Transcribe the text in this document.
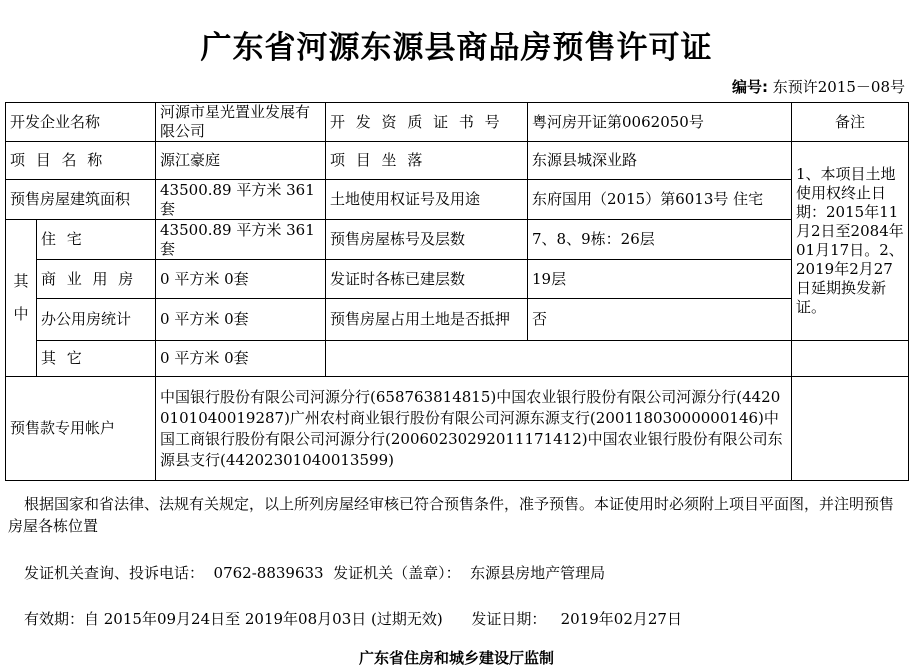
广东省河源东源县商品房预售许可证
编号: 东预许2015－08号
开发企业名称		河源市星光置业发展有限公司	开 发 资 质 证 书 号	粤河房开证第0062050号	备注	
项 目 名 称		源江豪庭	项 目 坐 落	东源县城深业路	1、本项目土地使用权终止日期：2015年11月2日至2084年01月17日。2、2019年2月27日延期换发新证。	
预售房屋建筑面积		43500.89 平方米 361套	土地使用权证号及用途	东府国用（2015）第6013号 住宅		

其
中	住 宅	43500.89 平方米 361套	预售房屋栋号及层数	7、8、9栋：26层		
	商 业 用 房	0 平方米 0套	发证时各栋已建层数	19层		
	办公用房统计	0 平方米 0套	预售房屋占用土地是否抵押	否		
	其 它	0 平方米 0套				
预售款专用帐户		中国银行股份有限公司河源分行(658763814815)中国农业银行股份有限公司河源分行(44200101040019287)广州农村商业银行股份有限公司河源东源支行(20011803000000146)中国工商银行股份有限公司河源分行(20060230292011171412)中国农业银行股份有限公司东源县支行(44202301040013599)				
根据国家和省法律、法规有关规定，以上所列房屋经审核已符合预售条件，准予预售。本证使用时必须附上项目平面图，并注明预售房屋各栋位置
发证机关查询、投诉电话：  0762-8839633  发证机关（盖章）：  东源县房地产管理局
有效期：自 2015年09月24日至 2019年08月03日 (过期无效)      发证日期：   2019年02月27日
广东省住房和城乡建设厅监制
